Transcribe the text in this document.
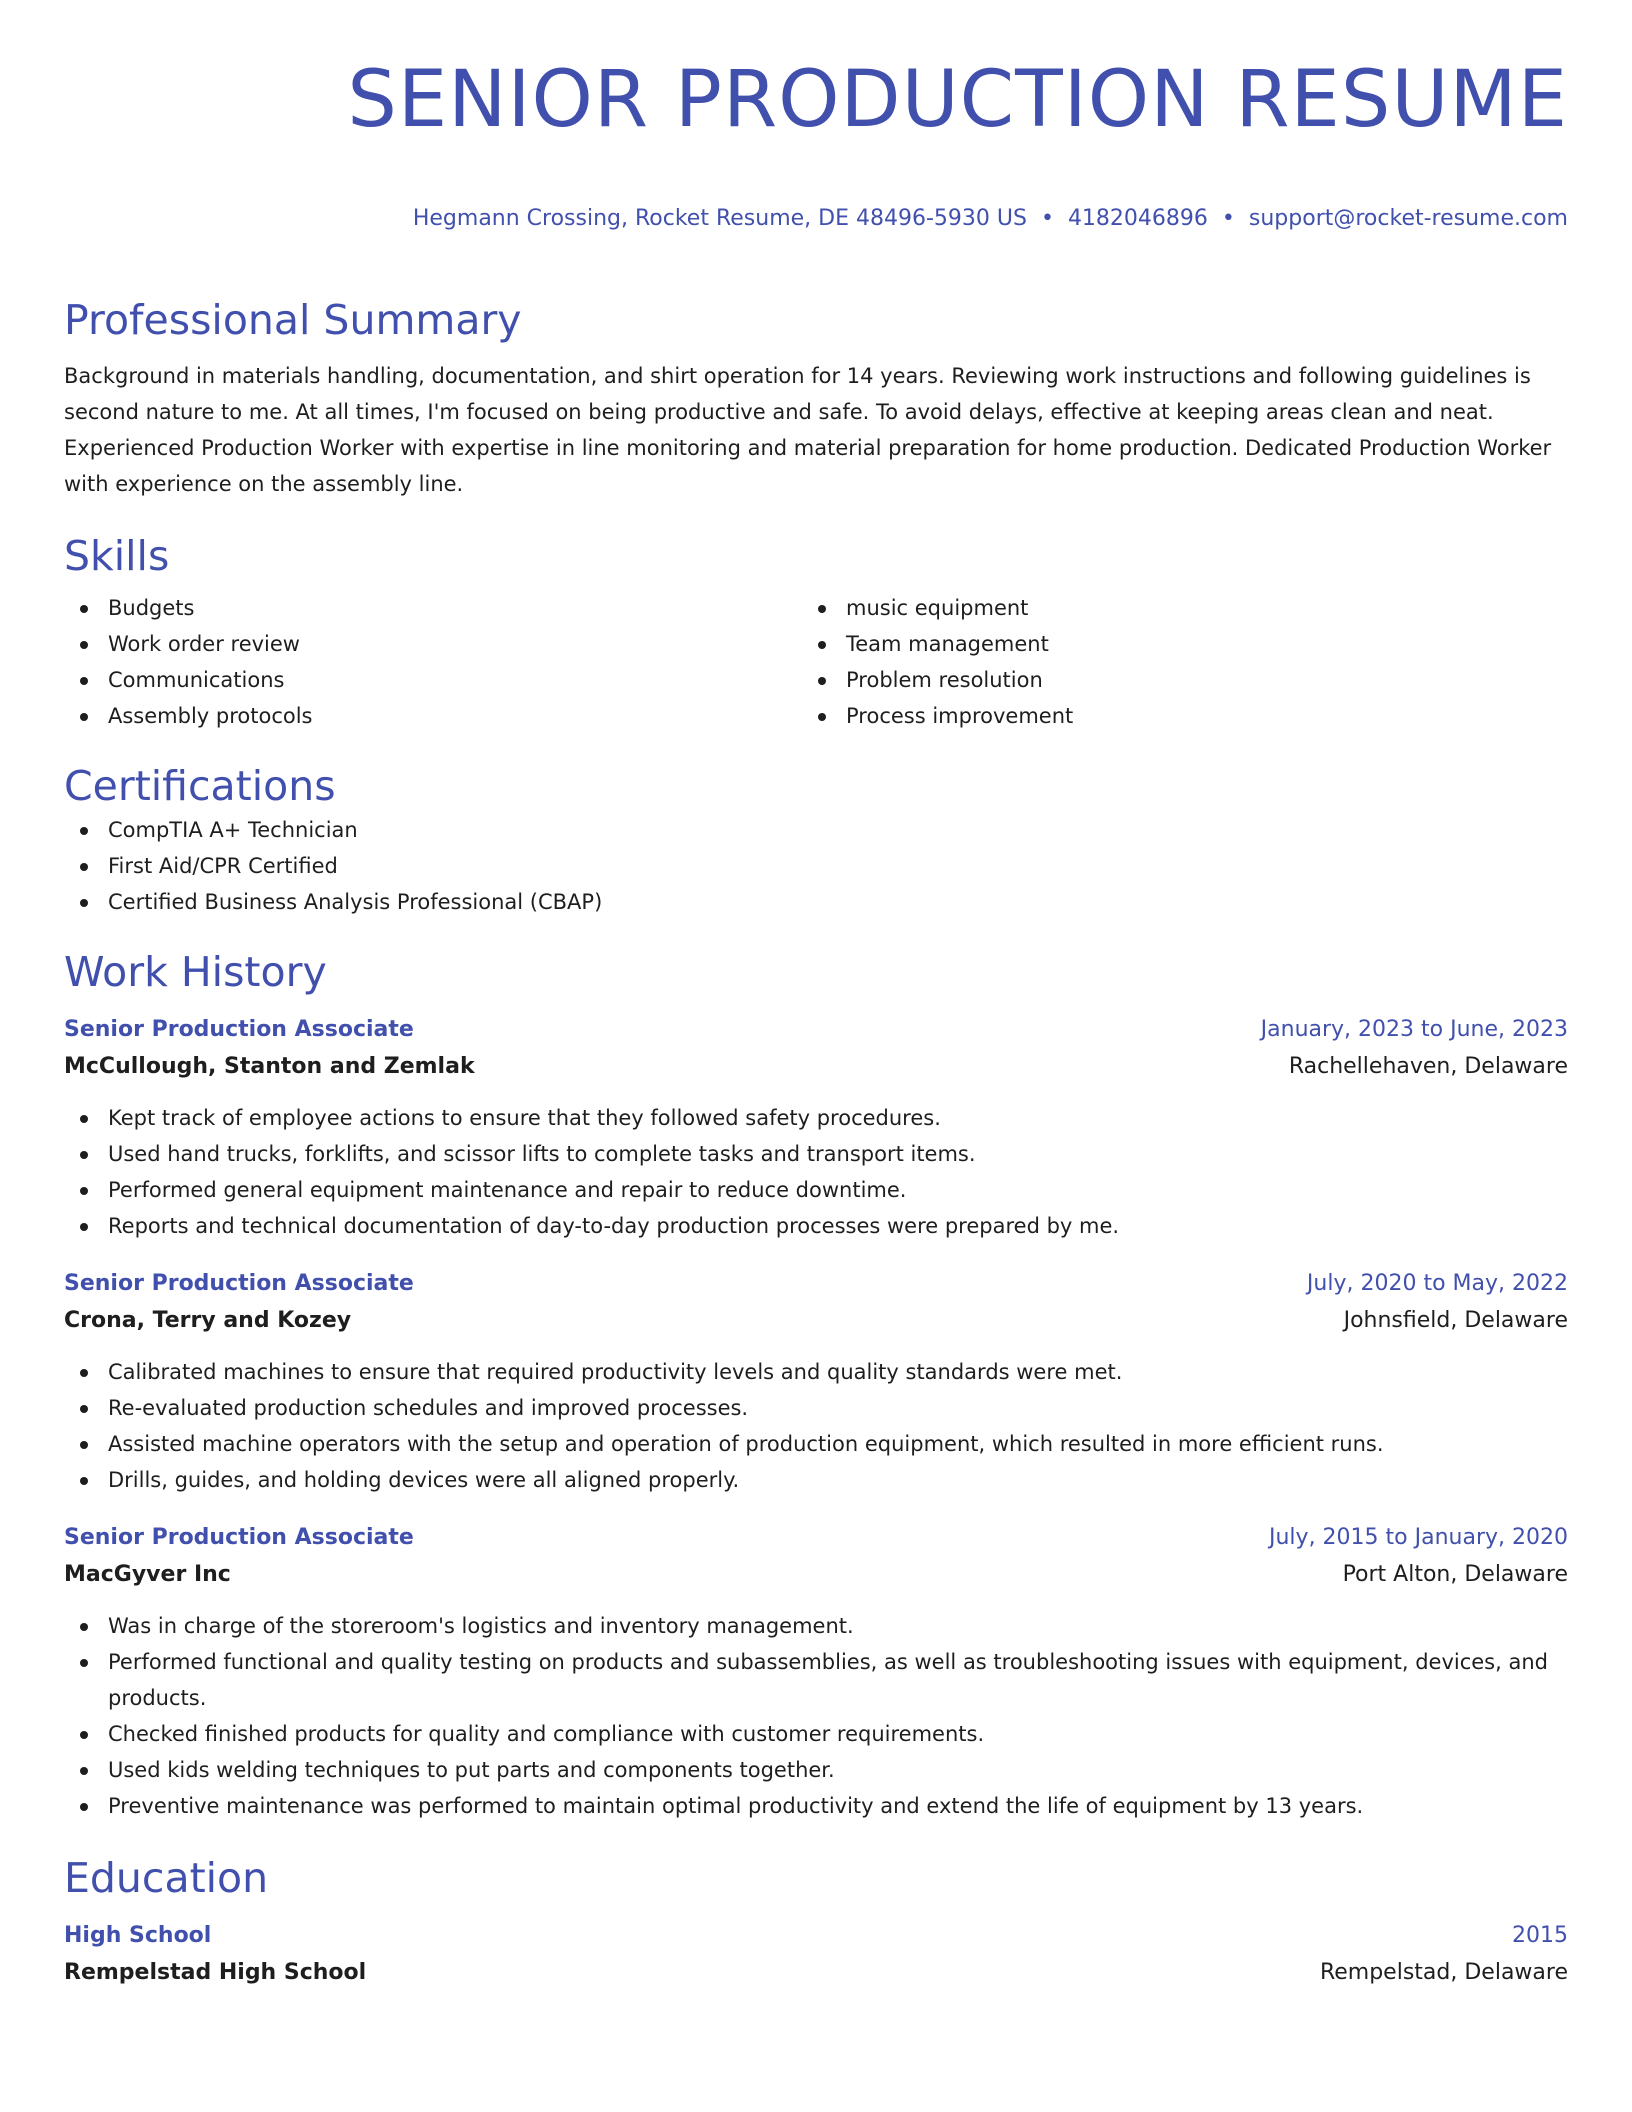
SENIOR PRODUCTION RESUME
Hegmann Crossing, Rocket Resume, DE 48496-5930 US • 4182046896 • support@rocket-resume.com
Professional Summary
Background in materials handling, documentation, and shirt operation for 14 years. Reviewing work instructions and following guidelines is second nature to me. At all times, I'm focused on being productive and safe. To avoid delays, effective at keeping areas clean and neat. Experienced Production Worker with expertise in line monitoring and material preparation for home production. Dedicated Production Worker with experience on the assembly line.
Skills
Budgets
Work order review
Communications
Assembly protocols
music equipment
Team management
Problem resolution
Process improvement
Certifications
CompTIA A+ Technician
First Aid/CPR Certified
Certified Business Analysis Professional (CBAP)
Work History
Senior Production Associate	January, 2023 to June, 2023
McCullough, Stanton and Zemlak	Rachellehaven, Delaware
Kept track of employee actions to ensure that they followed safety procedures.
Used hand trucks, forklifts, and scissor lifts to complete tasks and transport items.
Performed general equipment maintenance and repair to reduce downtime.
Reports and technical documentation of day-to-day production processes were prepared by me.
Senior Production Associate	July, 2020 to May, 2022
Crona, Terry and Kozey	Johnsfield, Delaware
Calibrated machines to ensure that required productivity levels and quality standards were met.
Re-evaluated production schedules and improved processes.
Assisted machine operators with the setup and operation of production equipment, which resulted in more efficient runs.
Drills, guides, and holding devices were all aligned properly.
Senior Production Associate	July, 2015 to January, 2020
MacGyver Inc	Port Alton, Delaware
Was in charge of the storeroom's logistics and inventory management.
Performed functional and quality testing on products and subassemblies, as well as troubleshooting issues with equipment, devices, and products.
Checked finished products for quality and compliance with customer requirements.
Used kids welding techniques to put parts and components together.
Preventive maintenance was performed to maintain optimal productivity and extend the life of equipment by 13 years.
Education
High School	2015
Rempelstad High School	Rempelstad, Delaware
